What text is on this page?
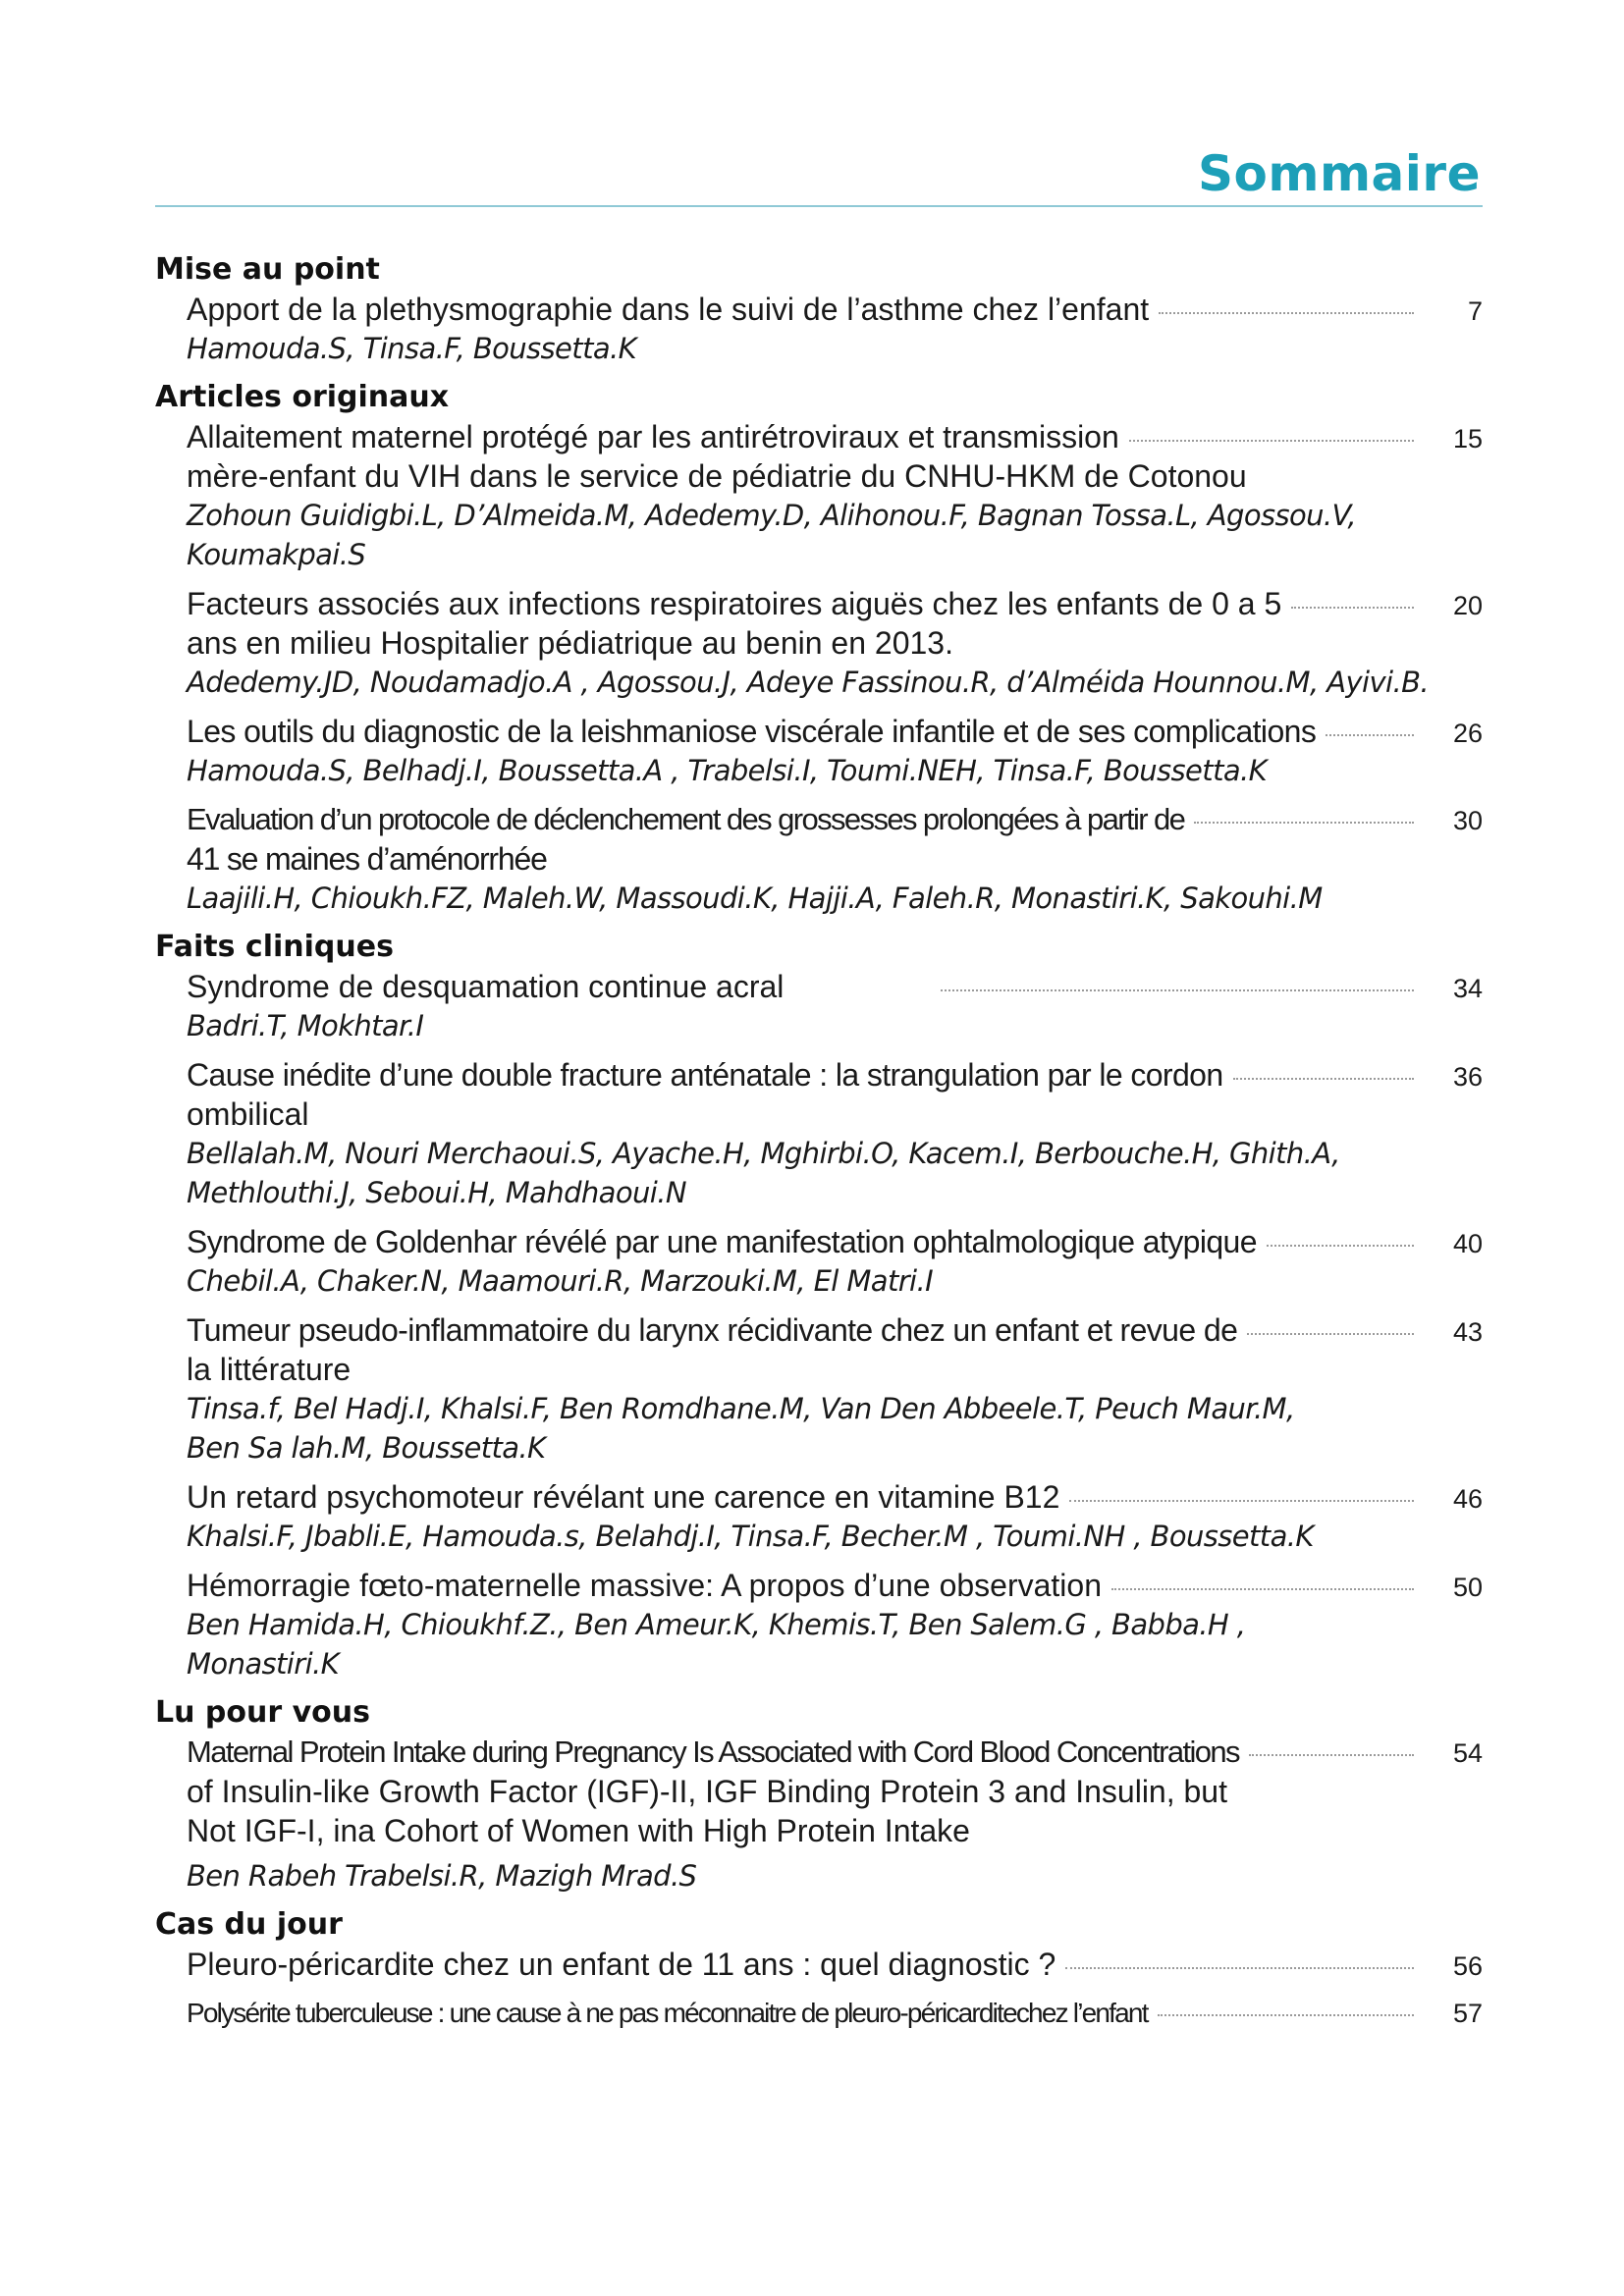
Sommaire
Mise au point
Apport de la plethysmographie dans le suivi de l’asthme chez l’enfant	7
Hamouda.S, Tinsa.F, Boussetta.K
Articles originaux
Allaitement maternel protégé par les antirétroviraux et transmission	15
mère-enfant du VIH dans le service de pédiatrie du CNHU-HKM de Cotonou
Zohoun Guidigbi.L, D’Almeida.M, Adedemy.D, Alihonou.F, Bagnan Tossa.L, Agossou.V,
Koumakpai.S
Facteurs associés aux infections respiratoires aiguës chez les enfants de 0 a 5	20
ans en milieu Hospitalier pédiatrique au benin en 2013.
Adedemy.JD, Noudamadjo.A , Agossou.J, Adeye Fassinou.R, d’Alméida Hounnou.M, Ayivi.B.
Les outils du diagnostic de la leishmaniose viscérale infantile et de ses complications	26
Hamouda.S, Belhadj.I, Boussetta.A , Trabelsi.I, Toumi.NEH, Tinsa.F, Boussetta.K
Evaluation d’un protocole de déclenchement des grossesses prolongées à partir de	30
41 se maines d’aménorrhée
Laajili.H, Chioukh.FZ, Maleh.W, Massoudi.K, Hajji.A, Faleh.R, Monastiri.K, Sakouhi.M
Faits cliniques
Syndrome de desquamation continue acral	34
Badri.T, Mokhtar.I
Cause inédite d’une double fracture anténatale : la strangulation par le cordon	36
ombilical
Bellalah.M, Nouri Merchaoui.S, Ayache.H, Mghirbi.O, Kacem.I, Berbouche.H, Ghith.A,
Methlouthi.J, Seboui.H, Mahdhaoui.N
Syndrome de Goldenhar révélé par une manifestation ophtalmologique atypique	40
Chebil.A, Chaker.N, Maamouri.R, Marzouki.M, El Matri.I
Tumeur pseudo-inflammatoire du larynx récidivante chez un enfant et revue de	43
la littérature
Tinsa.f, Bel Hadj.I, Khalsi.F, Ben Romdhane.M, Van Den Abbeele.T, Peuch Maur.M,
Ben Sa lah.M, Boussetta.K
Un retard psychomoteur révélant une carence en vitamine B12	46
Khalsi.F, Jbabli.E, Hamouda.s, Belahdj.I, Tinsa.F, Becher.M , Toumi.NH , Boussetta.K
Hémorragie fœto-maternelle massive: A propos d’une observation	50
Ben Hamida.H, Chioukhf.Z., Ben Ameur.K, Khemis.T, Ben Salem.G , Babba.H ,
Monastiri.K
Lu pour vous
Maternal Protein Intake during Pregnancy Is Associated with Cord Blood Concentrations	54
of Insulin-like Growth Factor (IGF)-II, IGF Binding Protein 3 and Insulin, but Not IGF-I, ina Cohort of Women with High Protein Intake
Ben Rabeh Trabelsi.R, Mazigh Mrad.S
Cas du jour
Pleuro-péricardite chez un enfant de 11 ans : quel diagnostic ?	56
Polysérite tuberculeuse : une cause à ne pas méconnaitre de pleuro-péricarditechez l’enfant	57
